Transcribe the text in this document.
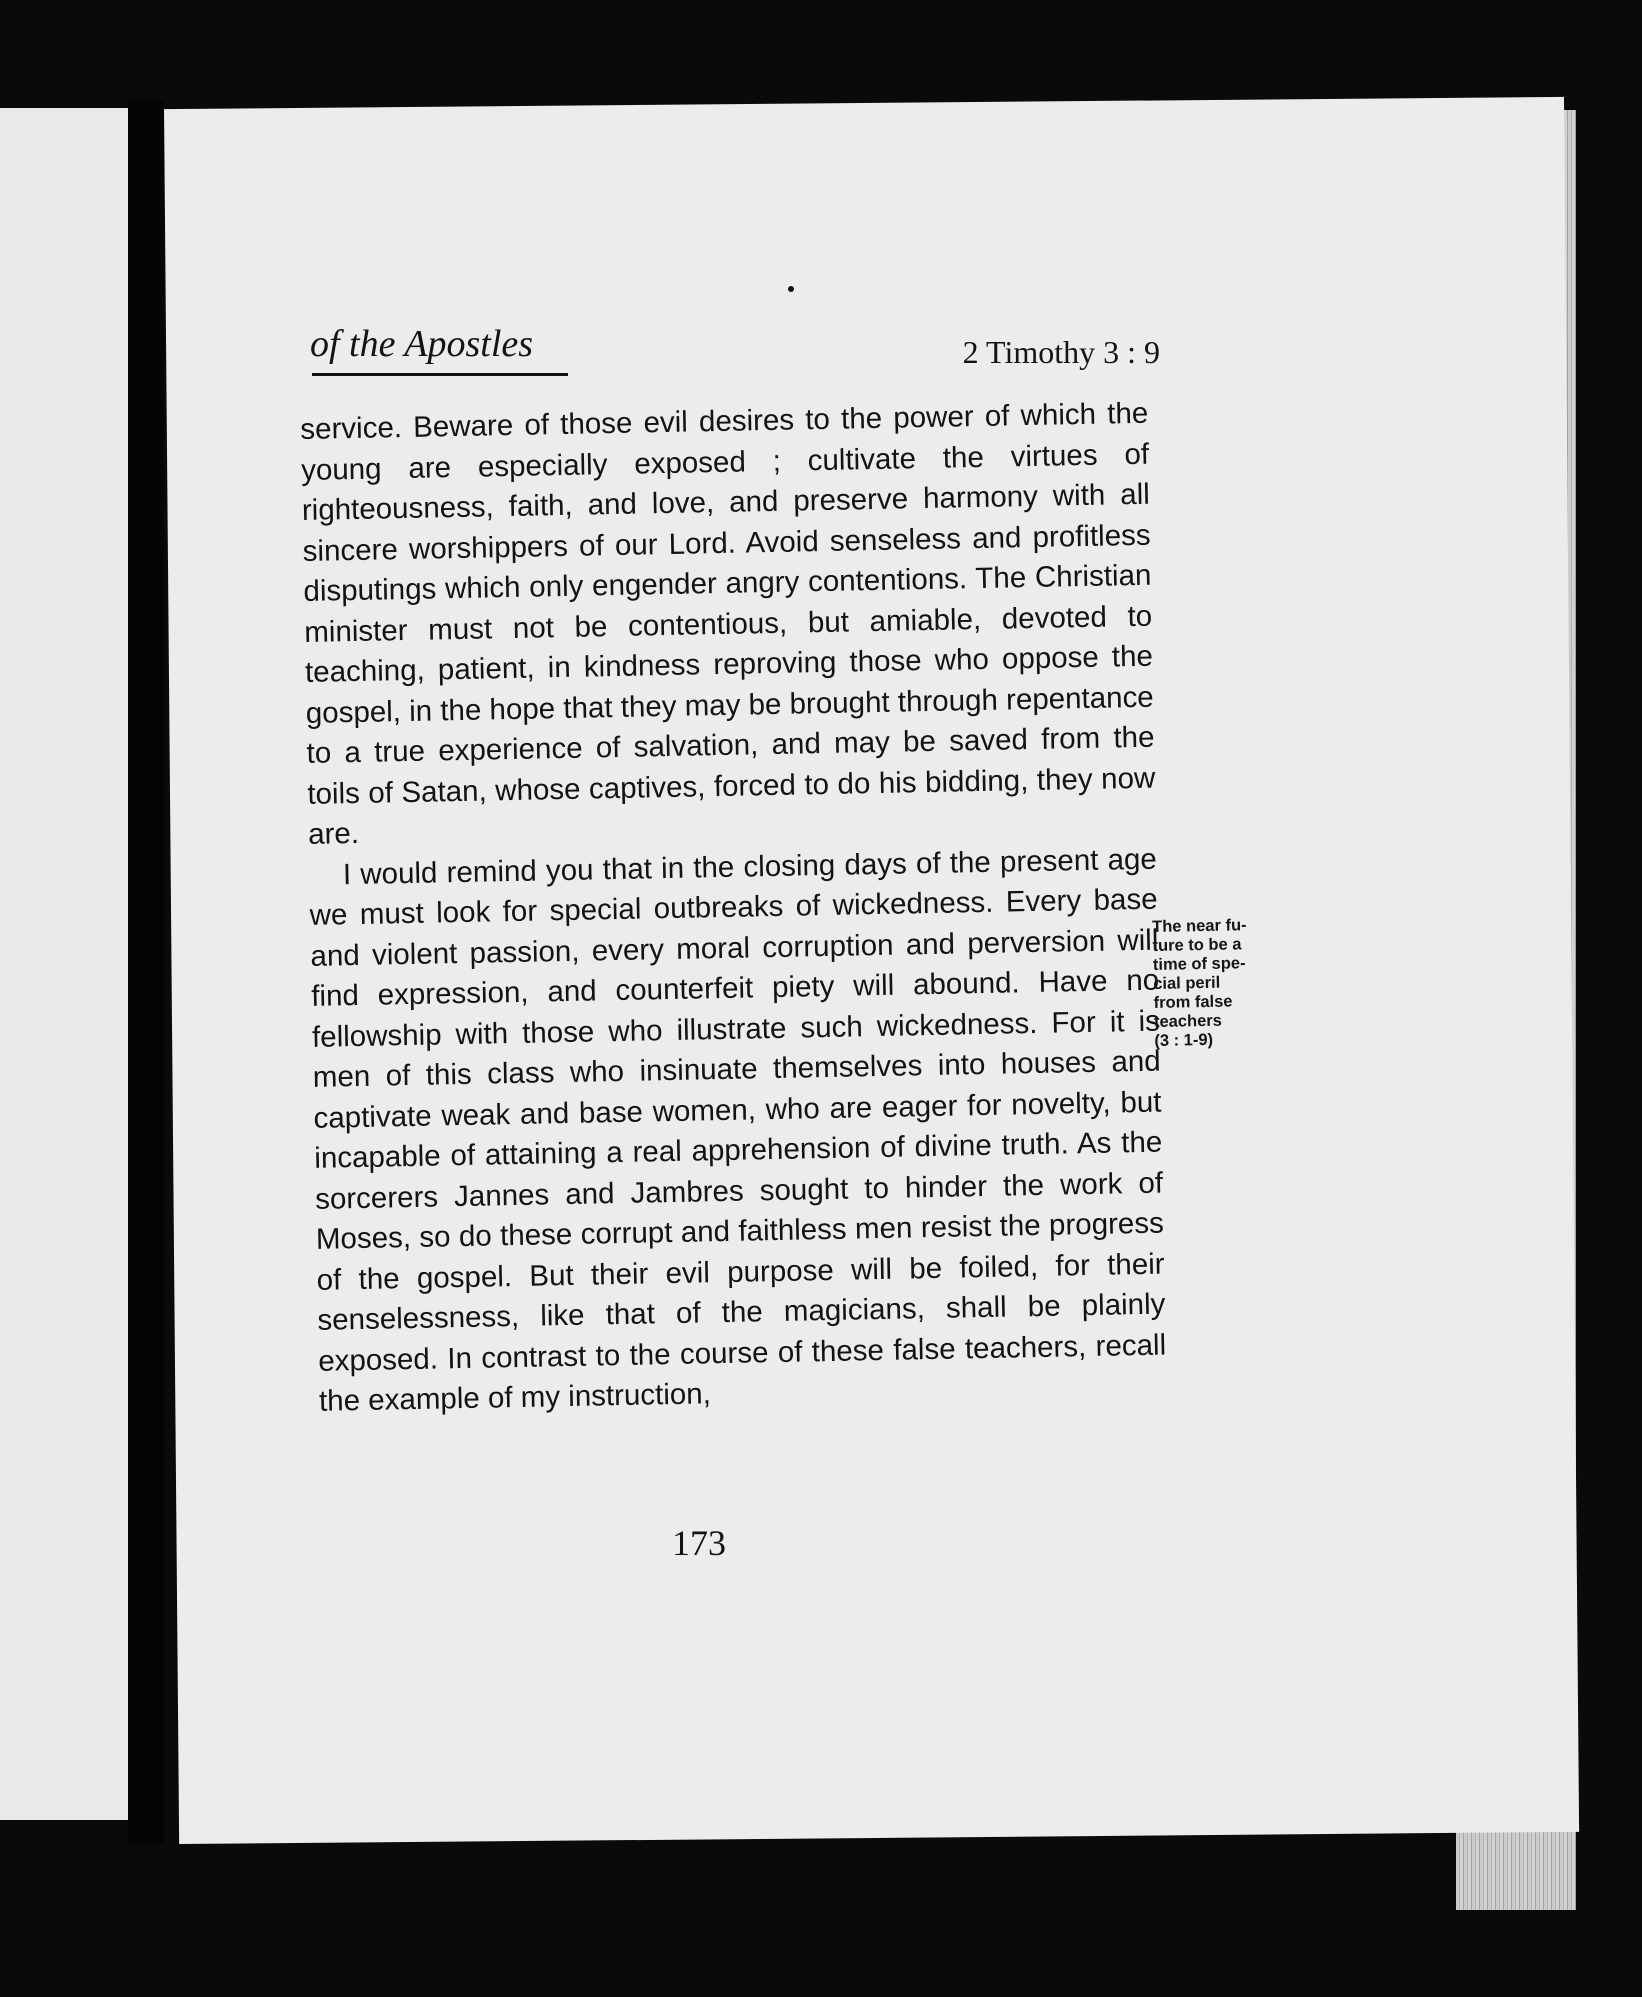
of the Apostles	2 Timothy 3 : 9

service. Beware of those evil desires to the power of which the young are especially exposed ; cultivate the virtues of righteousness, faith, and love, and preserve harmony with all sincere worshippers of our Lord. Avoid senseless and profitless disputings which only engender angry contentions. The Christian minister must not be contentious, but amiable, devoted to teaching, patient, in kindness reproving those who oppose the gospel, in the hope that they may be brought through repentance to a true experience of salvation, and may be saved from the toils of Satan, whose captives, forced to do his bidding, they now are.

I would remind you that in the closing days of the present age we must look for special outbreaks of wickedness. Every base and violent passion, every moral corruption and perversion will find expression, and counterfeit piety will abound. Have no fellowship with those who illustrate such wickedness. For it is men of this class who insinuate themselves into houses and captivate weak and base women, who are eager for novelty, but incapable of attaining a real apprehension of divine truth. As the sorcerers Jannes and Jambres sought to hinder the work of Moses, so do these corrupt and faithless men resist the progress of the gospel. But their evil purpose will be foiled, for their senselessness, like that of the magicians, shall be plainly exposed. In contrast to the course of these false teachers, recall the example of my instruction,

The near fu-
ture to be a
time of spe-
cial peril
from false
teachers
(3 : 1-9)
173
